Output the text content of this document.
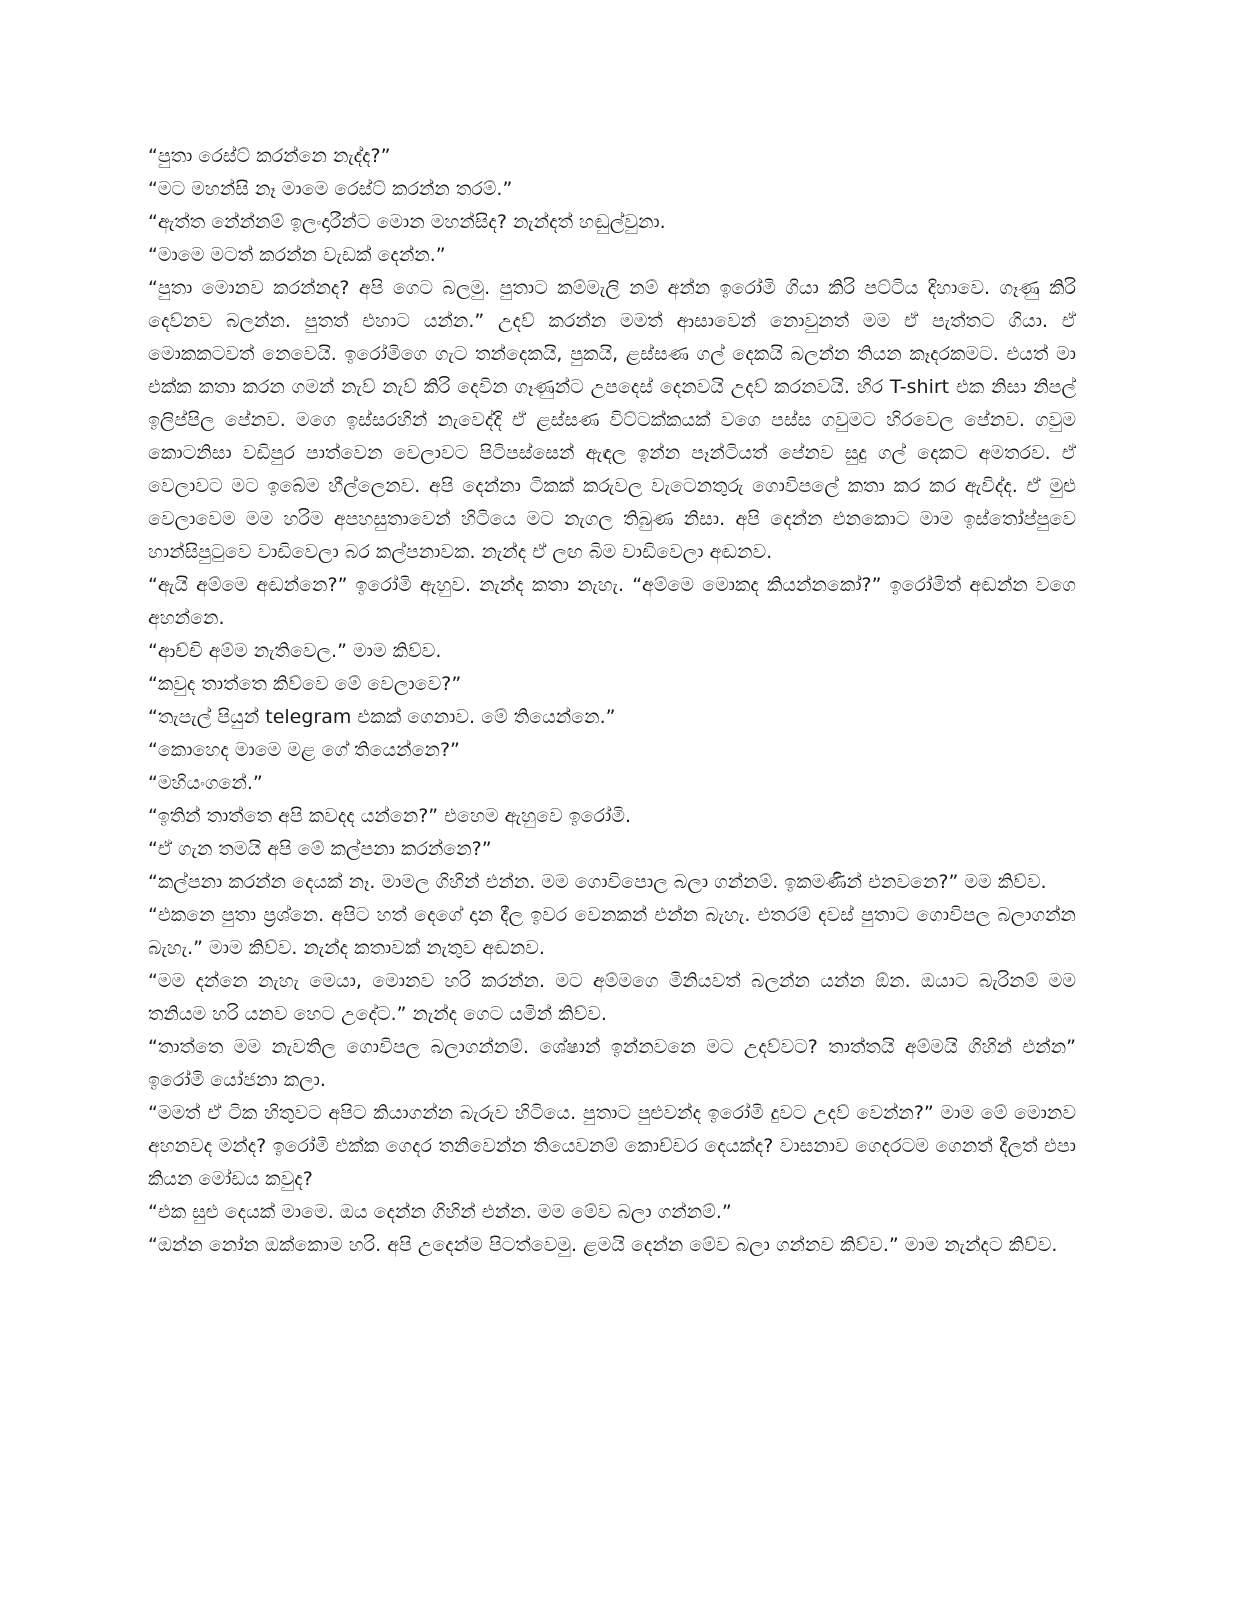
“පුතා රෙස්ට් කරන්නෙ නැද්ද?”

“මට මහන්සි නෑ මාමෙ රෙස්ට් කරන්න තරම්.”

“ඇත්ත නේන්නම් ඉලංදාරීන්ට මොන මහන්සිද? නැන්දත් හඬුල්වුනා.

“මාමෙ මටත් කරන්න වැඩක් දෙන්න.”

“පුතා මොනව කරන්නද? අපි ගෙට බලමු. පුතාට කම්මැලි නම් අන්න ඉරෝමි ගියා කිරි පට්ටිය දිහාවෙ. ගෑණු කිරි දෙව්නව බලන්න. පුතත් එහාට යන්න.” උදව් කරන්න මමත් ආසාවෙන් නොවුනත් මම ඒ පැත්තට ගියා. ඒ මොකකටවත් නෙවෙයි. ඉරෝමිගෙ ගැට තන්දෙකයි, පුකයි, ළස්සණ ගල් දෙකයි බලන්න තියන කෑදරකමට. එයත් මා එක්ක කතා කරන ගමන් නැව් නැව් කිරි දෙවින ගෑණුන්ට උපදෙස් දෙනවයි උදව් කරනවයි. හිර T-shirt එක නිසා නිපල් ඉලිප්පිල පේනව. මගෙ ඉස්සරහින් නැවෙද්දි ඒ ළස්සණ විට්ටක්කයක් වගෙ පස්ස ගවුමට හිරවෙල පේනව. ගවුම කොටනිසා වඩිපුර පාත්වෙන වෙලාවට පිටිපස්සෙන් ඇඳල ඉන්න පෑන්ටියත් පේනව සුදු ගල් දෙකට අමතරව. ඒ වෙලාවට මට ඉබේම හීල්ලෙනව. අපි දෙන්නා ටිකක් කරුවල වැටෙනතුරු ගොවිපලේ කතා කර කර ඇවිද්ද. ඒ මුළු වෙලාවෙම මම හරිම අපහසුතාවෙන් හිටියෙ මට නැගල තිබුණ නිසා. අපි දෙන්න එනකොට මාම ඉස්තෝප්පුවෙ හාන්සිපුටුවෙ වාඩිවෙලා බර කල්පනාවක. නැන්ද ඒ ලඟ බිම වාඩිවෙලා අඬනව.

“ඇයි අම්මෙ අඬන්නෙ?” ඉරෝමි ඇහුව. නැන්ද කතා නැහැ. “අම්මෙ මොකද කියන්නකෝ?” ඉරෝමිත් අඬන්න වගෙ අහන්නෙ.

“ආච්චි අම්ම නැතිවෙල.” මාම කිව්ව.

“කවුද තාත්තෙ කිව්වෙ මේ වෙලාවෙ?”

“තැපැල් පියුන් telegram එකක් ගෙනාව. මේ තියෙන්නෙ.”

“කොහෙද මාමෙ මළ ගේ තියෙන්නෙ?”

“මහියංගනේ.”

“ඉතින් තාත්තෙ අපි කවදද යන්නෙ?” එහෙම ඇහුවෙ ඉරෝමි.

“ඒ ගැන තමයි අපි මේ කල්පනා කරන්නෙ?”

“කල්පනා කරන්න දෙයක් නෑ. මාමල ගිහින් එන්න. මම ගොවිපොල බලා ගන්නම්. ඉකමණින් එනවනෙ?” මම කිව්ව.

“එකනෙ පුතා ප්‍රශ්නෙ. අපිට හත් දෙගේ දාන දීල ඉවර වෙනකන් එන්න බැහැ. එතරම් දවස් පුතාට ගොවිපල බලාගන්න බැහැ.” මාම කිව්ව. නැන්ද කතාවක් නැතුව අඬනව.

“මම දන්නෙ නැහැ මෙයා, මොනව හරි කරන්න. මට අම්මගෙ මිනියවත් බලන්න යන්න ඕන. ඔයාට බැරිනම් මම තනියම හරි යනව හෙට උදේට.” නැන්ද ගෙට යමින් කිව්ව.

“තාත්තෙ මම නැවතිල ගොවිපල බලාගන්නම්. ශේෂාන් ඉන්නවනෙ මට උදව්වට? තාත්තයි අම්මයි ගිහින් එන්න” ඉරෝමි යෝජනා කලා.

“මමත් ඒ ටික හිතුවට අපිට කියාගන්න බැරුව හිටියෙ. පුතාට පුළුවන්ද ඉරෝමි දුවට උදව් වෙන්න?” මාම මේ මොනව අහනවද මන්ද? ඉරෝමි එක්ක ගෙදර තනිවෙන්න තියෙවනම් කොච්චර දෙයක්ද? වාසනාව ගෙදරටම ගෙනත් දීලත් එපා කියන මෝඩය කවුද?

“එක සුළු දෙයක් මාමෙ. ඔය දෙන්න ගිහින් එන්න. මම මේව බලා ගන්නම්.”

“ඔන්න නෝන ඔක්කොම හරි. අපි උදෙන්ම පිටත්වෙමු. ළමයි දෙන්න මේව බලා ගන්නව කිව්ව.” මාම නැන්දට කිව්ව.
